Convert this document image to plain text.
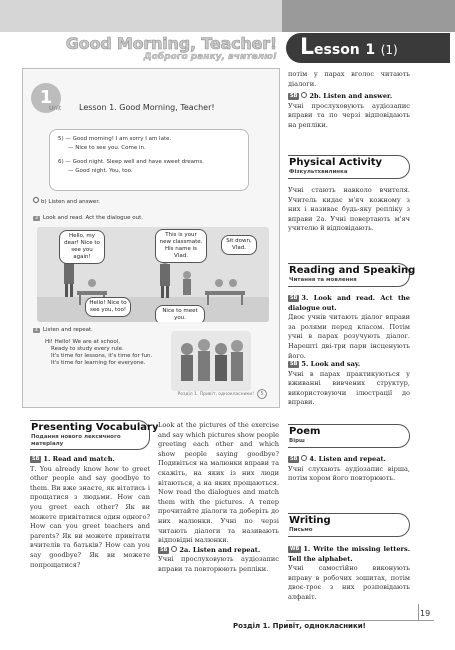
Good Morning, Teacher!
Доброго ранку, вчителю!	Lesson 1 (1)
1
Unit Lesson 1. Good Morning, Teacher!
5) — Good morning! I am sorry I am late.
— Nice to see you. Come in.
6) — Good night. Sleep well and have sweet dreams.
— Good night. You, too.
b) Listen and answer.
3 Look and read. Act the dialogue out.
Hello, my dear! Nice to see you again!
This is your new classmate. His name is Vlad.
Sit down, Vlad.
Hello! Nice to see you, too!	Nice to meet you.
4 Listen and repeat.
Hi! Hello! We are at school,
Ready to study every rule.
It's time for lessons, it's time for fun.
It's time for learning for everyone.
Розділ 1. Привіт, однокласники! 5
Presenting Vocabulary
Подання нового лексичного матеріалу
SB 1. Read and match.
Т. You already know how to greet other people and say goodbye to them. Ви вже знаєте, як вітатись і прощатися з людьми. How can you greet each other? Як ви можете привітатися один одного? How can you greet teachers and parents? Як ви можете привітати вчителів та батьків? How can you say goodbye? Як ви можете попрощатися?
Look at the pictures of the exercise and say which pictures show people greeting each other and which show people saying goodbye? Подивіться на малюнки вправи та скажіть, на яких із них люди вітаються, а на яких прощаються. Now read the dialogues and match them with the pictures. А тепер прочитайте діалоги та доберіть до них малюнки. Учні по черзі читають діалоги та називають відповідні малюнки.
SB 2a. Listen and repeat.
Учні прослуховують аудіозапис вправи та повторюють репліки.
потім у парах вголос читають діалоги.
SB 2b. Listen and answer.
Учні прослуховують аудіозапис вправи та по черзі відповідають на репліки.
Physical Activity
Фізкультхвилинка
Учні стають навколо вчителя. Учитель кидає м'яч кожному з них і називає будь-яку репліку з вправи 2a. Учні повертають м'яч учителю й відповідають.
Reading and Speaking
Читання та мовлення
SB 3. Look and read. Act the dialogue out.
Двоє учнів читають діалог вправи за ролями перед класом. Потім учні в парах розучують діалог. Нарешті дві-три пари інсценують його.
SB 5. Look and say.
Учні в парах практикуються у вживанні вивчених структур, використовуючи ілюстрації до вправи.
Poem
Вірш
SB 4. Listen and repeat.
Учні слухають аудіозапис вірша, потім хором його повторюють.
Writing
Письмо
WB 1. Write the missing letters. Tell the alphabet.
Учні самостійно виконують вправу в робочих зошитах, потім двоє-троє з них розповідають алфавіт.
19
Розділ 1. Привіт, однокласники!
